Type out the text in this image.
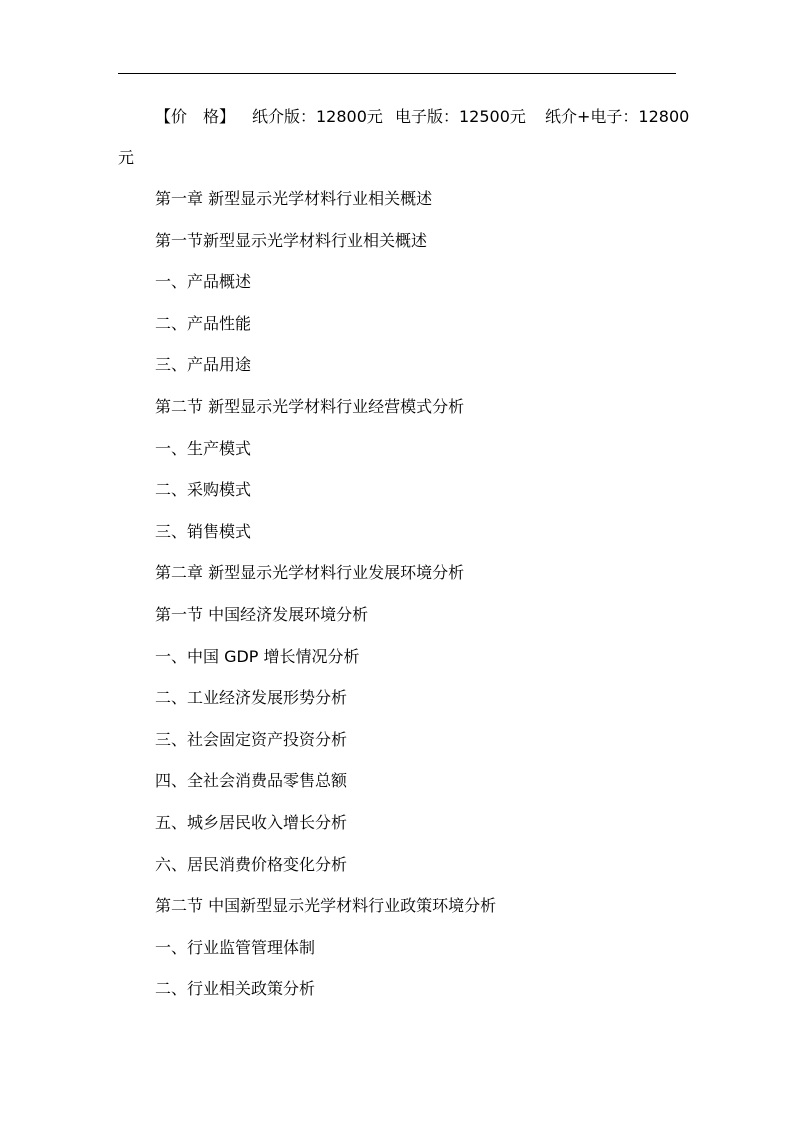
【价　格】 纸介版：12800元 电子版：12500元 纸介+电子：12800
元
第一章 新型显示光学材料行业相关概述
第一节新型显示光学材料行业相关概述
一、产品概述
二、产品性能
三、产品用途
第二节 新型显示光学材料行业经营模式分析
一、生产模式
二、采购模式
三、销售模式
第二章 新型显示光学材料行业发展环境分析
第一节 中国经济发展环境分析
一、中国 GDP 增长情况分析
二、工业经济发展形势分析
三、社会固定资产投资分析
四、全社会消费品零售总额
五、城乡居民收入增长分析
六、居民消费价格变化分析
第二节 中国新型显示光学材料行业政策环境分析
一、行业监管管理体制
二、行业相关政策分析
